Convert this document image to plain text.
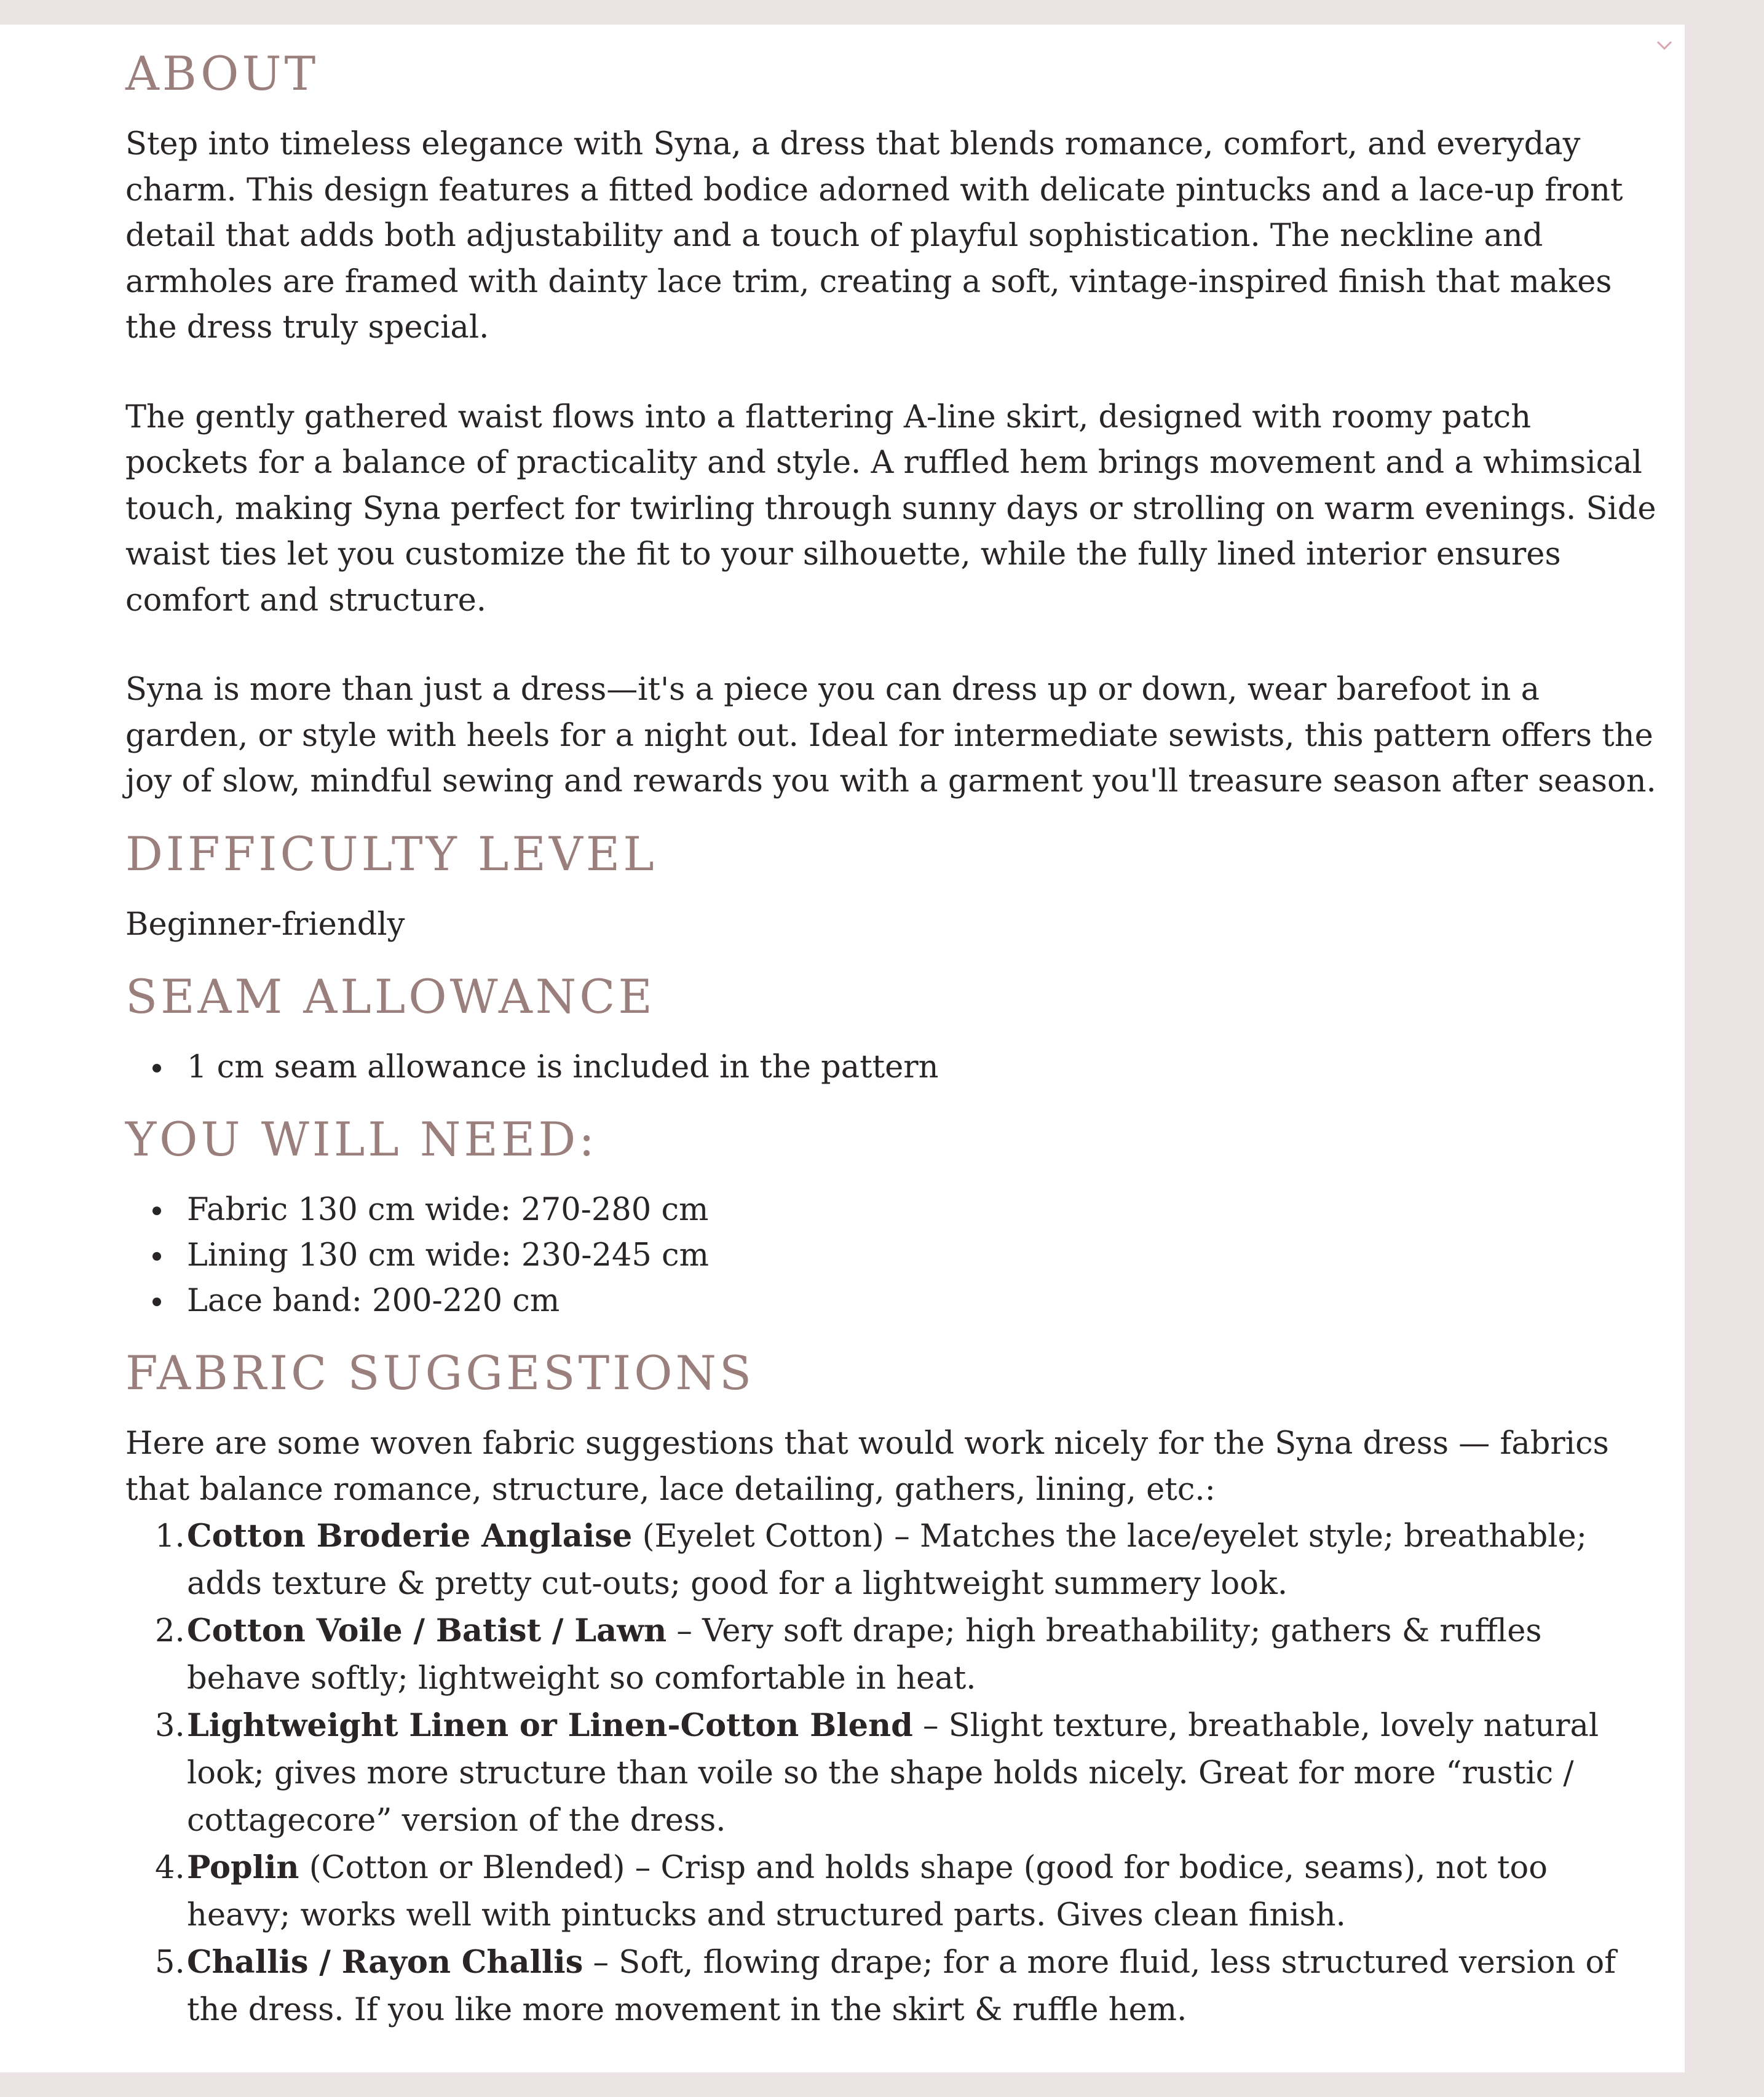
ABOUT

Step into timeless elegance with Syna, a dress that blends romance, comfort, and everyday charm. This design features a fitted bodice adorned with delicate pintucks and a lace-up front detail that adds both adjustability and a touch of playful sophistication. The neckline and armholes are framed with dainty lace trim, creating a soft, vintage-inspired finish that makes the dress truly special.

The gently gathered waist flows into a flattering A-line skirt, designed with roomy patch pockets for a balance of practicality and style. A ruffled hem brings movement and a whimsical touch, making Syna perfect for twirling through sunny days or strolling on warm evenings. Side waist ties let you customize the fit to your silhouette, while the fully lined interior ensures comfort and structure.

Syna is more than just a dress—it's a piece you can dress up or down, wear barefoot in a garden, or style with heels for a night out. Ideal for intermediate sewists, this pattern offers the joy of slow, mindful sewing and rewards you with a garment you'll treasure season after season.

DIFFICULTY LEVEL

Beginner-friendly

SEAM ALLOWANCE
1 cm seam allowance is included in the pattern
YOU WILL NEED:
Fabric 130 cm wide: 270-280 cm
Lining 130 cm wide: 230-245 cm
Lace band: 200-220 cm
FABRIC SUGGESTIONS

Here are some woven fabric suggestions that would work nicely for the Syna dress — fabrics that balance romance, structure, lace detailing, gathers, lining, etc.:

1. Cotton Broderie Anglaise (Eyelet Cotton) – Matches the lace/eyelet style; breathable; adds texture & pretty cut-outs; good for a lightweight summery look.
2. Cotton Voile / Batist / Lawn – Very soft drape; high breathability; gathers & ruffles behave softly; lightweight so comfortable in heat.
3. Lightweight Linen or Linen-Cotton Blend – Slight texture, breathable, lovely natural look; gives more structure than voile so the shape holds nicely. Great for more “rustic / cottagecore” version of the dress.
4. Poplin (Cotton or Blended) – Crisp and holds shape (good for bodice, seams), not too heavy; works well with pintucks and structured parts. Gives clean finish.
5. Challis / Rayon Challis – Soft, flowing drape; for a more fluid, less structured version of the dress. If you like more movement in the skirt & ruffle hem.
